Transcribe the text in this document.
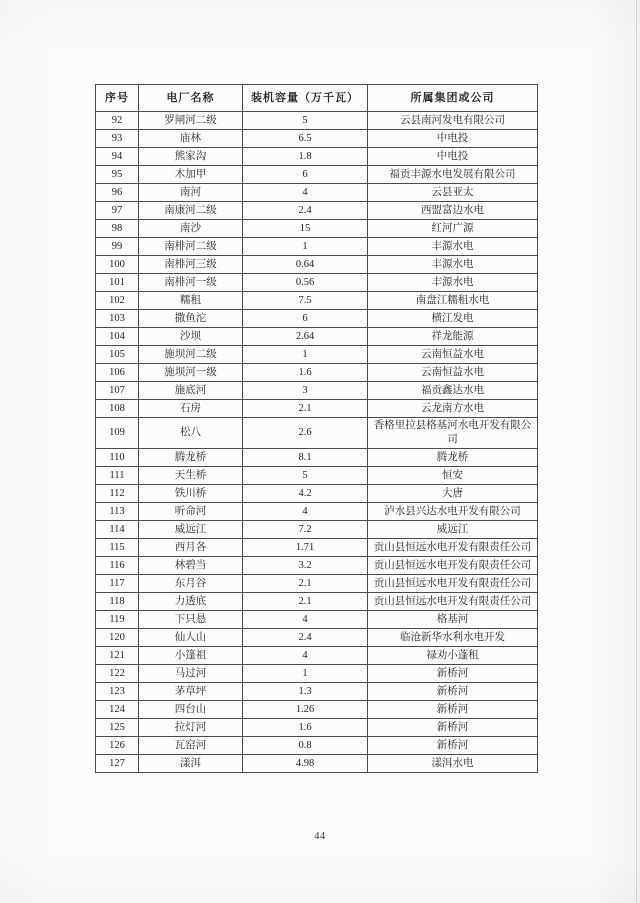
序号	电厂名称	装机容量（万千瓦）	所属集团或公司
92	罗闸河二级	5	云县南河发电有限公司
93	庙林	6.5	中电投
94	熊家沟	1.8	中电投
95	木加甲	6	福贡丰源水电发展有限公司
96	南河	4	云县亚太
97	南康河二级	2.4	西盟富边水电
98	南沙	15	红河广源
99	南棑河二级	1	丰源水电
100	南棑河三级	0.64	丰源水电
101	南棑河一级	0.56	丰源水电
102	糯租	7.5	南盘江糯租水电
103	撒鱼沱	6	横江发电
104	沙坝	2.64	祥龙能源
105	施坝河二级	1	云南恒益水电
106	施坝河一级	1.6	云南恒益水电
107	施底河	3	福贡鑫达水电
108	石房	2.1	云龙南方水电
109	松八	2.6	香格里拉县格基河水电开发有限公司
110	腾龙桥	8.1	腾龙桥
111	天生桥	5	恒安
112	铁川桥	4.2	大唐
113	听命河	4	泸水县兴达水电开发有限公司
114	威远江	7.2	威远江
115	西月各	1.71	贡山县恒远水电开发有限责任公司
116	林碧当	3.2	贡山县恒远水电开发有限责任公司
117	东月谷	2.1	贡山县恒远水电开发有限责任公司
118	力透底	2.1	贡山县恒远水电开发有限责任公司
119	下只恳	4	格基河
120	仙人山	2.4	临沧新华水利水电开发
121	小篷祖	4	禄劝小蓬租
122	马过河	1	新桥河
123	茅草坪	1.3	新桥河
124	四台山	1.26	新桥河
125	拉灯河	1.6	新桥河
126	瓦窑河	0.8	新桥河
127	漾洱	4.98	漾洱水电
44
